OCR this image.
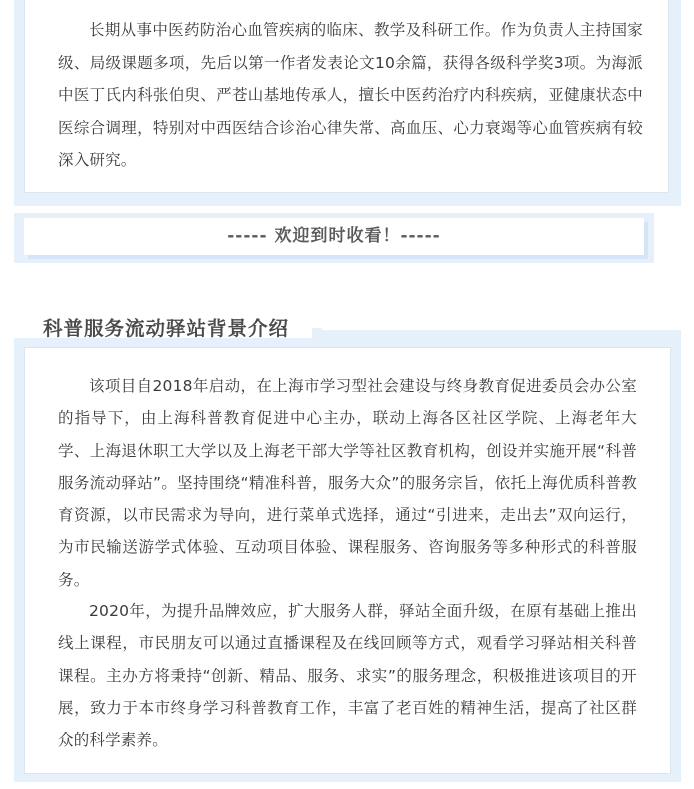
长期从事中医药防治心血管疾病的临床、教学及科研工作。作为负责人主持国家级、局级课题多项，先后以第一作者发表论文10余篇，获得各级科学奖3项。为海派中医丁氏内科张伯臾、严苍山基地传承人，擅长中医药治疗内科疾病，亚健康状态中医综合调理，特别对中西医结合诊治心律失常、高血压、心力衰竭等心血管疾病有较深入研究。

----- 欢迎到时收看！-----
科普服务流动驿站背景介绍

该项目自2018年启动，在上海市学习型社会建设与终身教育促进委员会办公室的指导下，由上海科普教育促进中心主办，联动上海各区社区学院、上海老年大学、上海退休职工大学以及上海老干部大学等社区教育机构，创设并实施开展“科普服务流动驿站”。坚持围绕“精准科普，服务大众”的服务宗旨，依托上海优质科普教育资源，以市民需求为导向，进行菜单式选择，通过“引进来，走出去”双向运行，为市民输送游学式体验、互动项目体验、课程服务、咨询服务等多种形式的科普服务。

2020年，为提升品牌效应，扩大服务人群，驿站全面升级，在原有基础上推出线上课程，市民朋友可以通过直播课程及在线回顾等方式，观看学习驿站相关科普课程。主办方将秉持“创新、精品、服务、求实”的服务理念，积极推进该项目的开展，致力于本市终身学习科普教育工作，丰富了老百姓的精神生活，提高了社区群众的科学素养。
